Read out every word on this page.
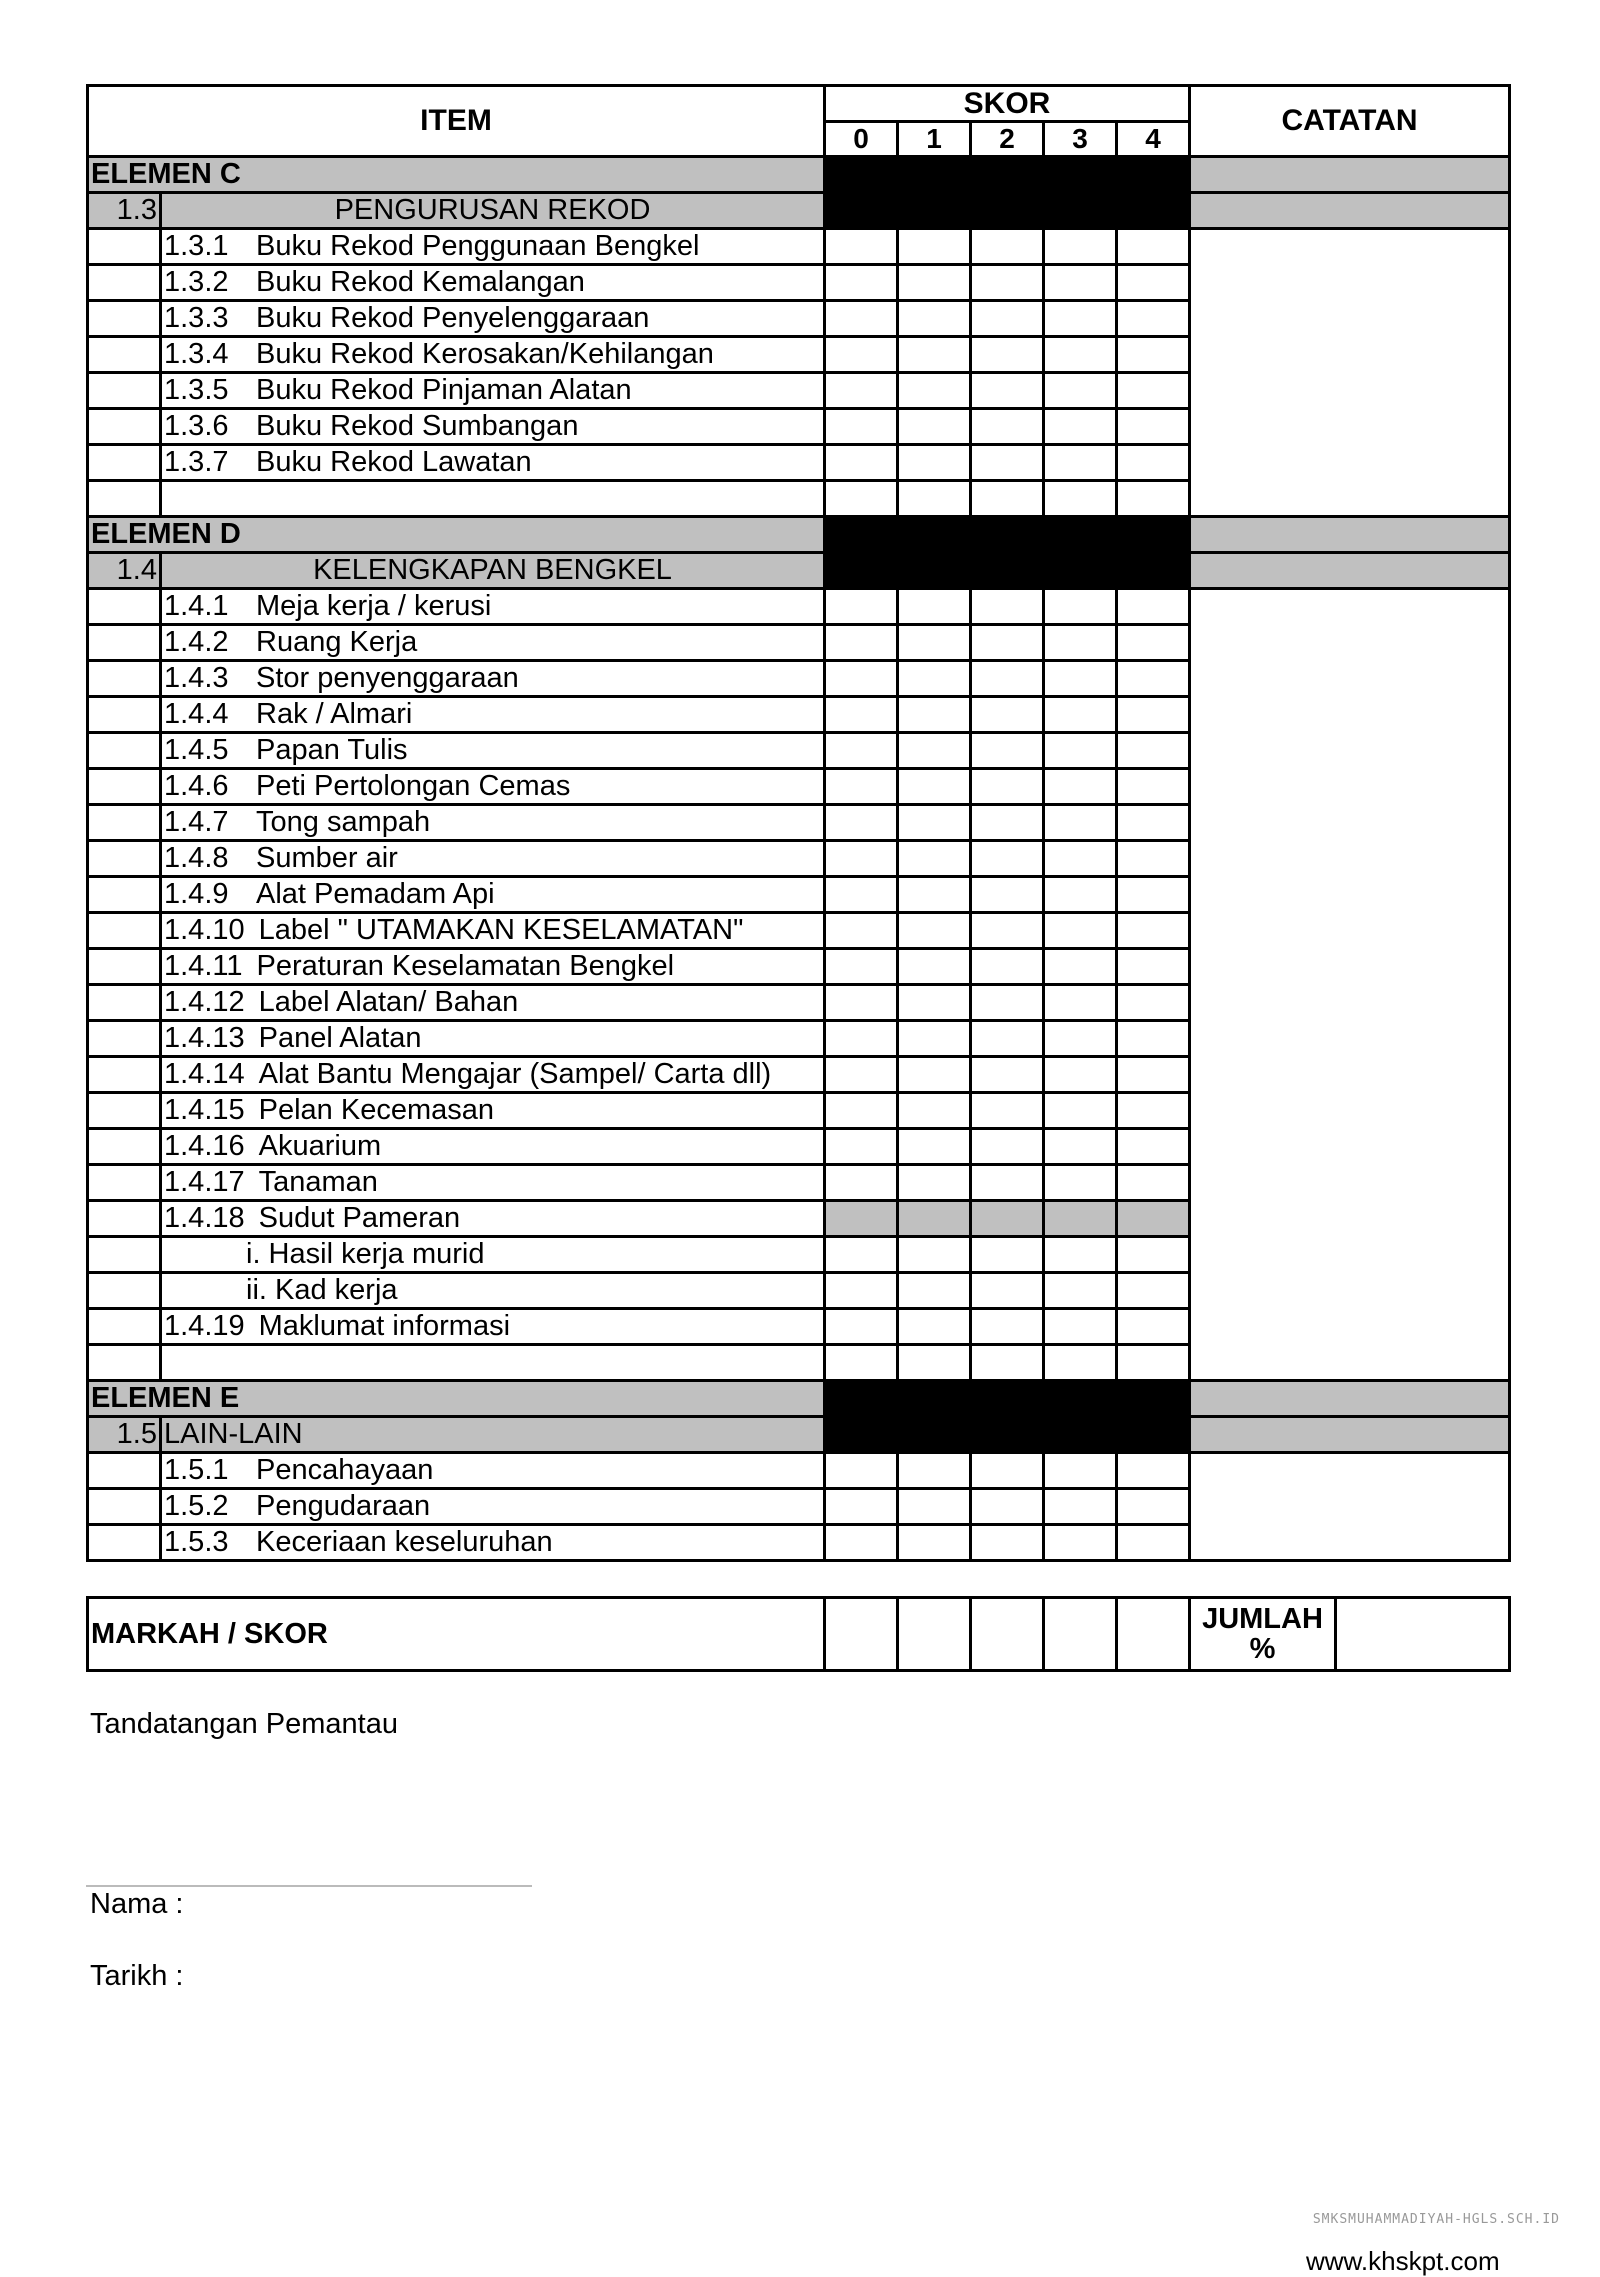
ITEM		SKOR					CATATAN
		0	1	2	3	4	
ELEMEN C							
1.3	PENGURUSAN REKOD						
	1.3.1 Buku Rekod Penggunaan Bengkel						
	1.3.2 Buku Rekod Kemalangan						
	1.3.3 Buku Rekod Penyelenggaraan						
	1.3.4 Buku Rekod Kerosakan/Kehilangan						
	1.3.5 Buku Rekod Pinjaman Alatan						
	1.3.6 Buku Rekod Sumbangan						
	1.3.7 Buku Rekod Lawatan						

ELEMEN D							
1.4	KELENGKAPAN BENGKEL						
	1.4.1 Meja kerja / kerusi						
	1.4.2 Ruang Kerja						
	1.4.3 Stor penyenggaraan						
	1.4.4 Rak / Almari						
	1.4.5 Papan Tulis						
	1.4.6 Peti Pertolongan Cemas						
	1.4.7 Tong sampah						
	1.4.8 Sumber air						
	1.4.9 Alat Pemadam Api						
	1.4.10 Label " UTAMAKAN KESELAMATAN"						
	1.4.11 Peraturan Keselamatan Bengkel						
	1.4.12 Label Alatan/ Bahan						
	1.4.13 Panel Alatan						
	1.4.14 Alat Bantu Mengajar (Sampel/ Carta dll)						
	1.4.15 Pelan Kecemasan						
	1.4.16 Akuarium						
	1.4.17 Tanaman						
	1.4.18 Sudut Pameran						
	i. Hasil kerja murid						
	ii. Kad kerja						
	1.4.19 Maklumat informasi						

ELEMEN E							
1.5	LAIN-LAIN						
	1.5.1 Pencahayaan						
	1.5.2 Pengudaraan						
	1.5.3 Keceriaan keseluruhan						
MARKAH / SKOR						JUMLAH
%	
Tandatangan Pemantau
Nama :
Tarikh :
SMKSMUHAMMADIYAH-HGLS.SCH.ID
www.khskpt.com
